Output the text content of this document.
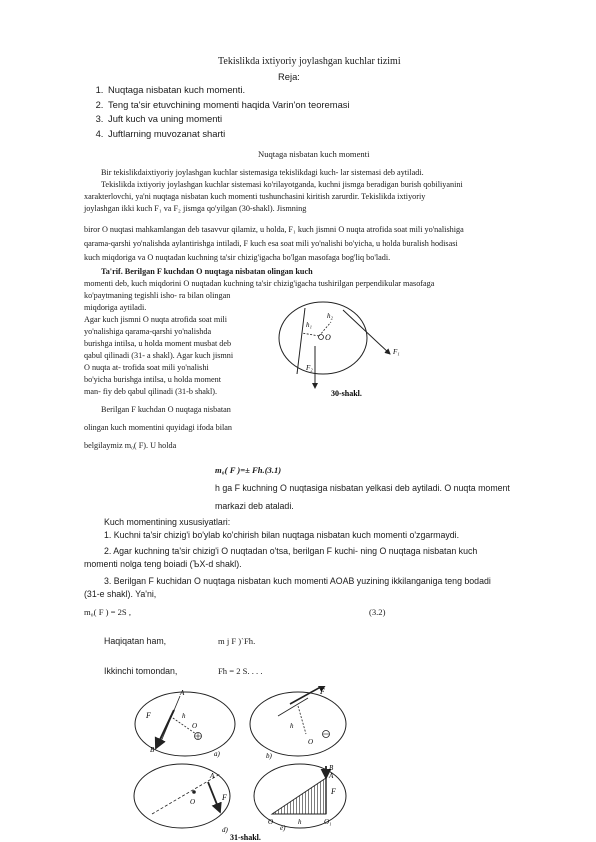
Tekislikda ixtiyoriy joylashgan kuchlar tizimi
Reja:
1. Nuqtaga nisbatan kuch momenti.
2. Teng ta'sir etuvchining momenti haqida Varin'on teoremasi
3. Juft kuch va uning momenti
4. Juftlarning muvozanat sharti
Nuqtaga nisbatan kuch momenti
Bir tekislikdaixtiyoriy joylashgan kuchlar sistemasiga tekislikdagi kuch- lar sistemasi deb aytiladi.
Tekislikda ixtiyoriy joylashgan kuchlar sistemasi ko'rilayotganda, kuchni jismga beradigan burish qobiliyanini
xarakterlovchi, ya'ni nuqtaga nisbatan kuch momenti tushunchasini kiritish zarurdir. Tekislikda ixtiyoriy
joylashgan ikki kuch F₁ va F₂ jismga qo'yilgan (30-shakl). Jismning
biror O nuqtasi mahkamlangan deb tasavvur qilamiz, u holda, F₁ kuch jismni O nuqta atrofida soat mili yo'nalishiga
qarama-qarshi yo'nalishda aylantirishga intiladi, F kuch esa soat mili yo'nalishi bo'yicha, u holda buralish hodisasi
kuch miqdoriga va O nuqtadan kuchning ta'sir chizig'igacha bo'lgan masofaga bog'liq bo'ladi.
Ta'rif. Berilgan F kuchdan O nuqtaga nisbatan olingan kuch
momenti deb, kuch miqdorini O nuqtadan kuchning ta'sir chizig'igacha tushirilgan perpendikular masofaga
ko'paytmaning tegishli isho- ra bilan olingan
miqdoriga aytiladi.
Agar kuch jismni O nuqta atrofida soat mili
yo'nalishiga qarama-qarshi yo'nalishda
burishga intilsa, u holda moment musbat deb
qabul qilinadi (31- a shakl). Agar kuch jismni
O nuqta at- trofida soat mili yo'nalishi
bo'yicha burishga intilsa, u holda moment
man- fiy deb qabul qilinadi (31-b shakl).
Berilgan F kuchdan O nuqtaga nisbatan
olingan kuch momentini quyidagi ifoda bilan
belgilaymiz m₀( F). U holda
h₁
h₂
O
F₁
F₂
30-shakl.
m₀( F )=± Fh.(3.1)
h ga F kuchning O nuqtasiga nisbatan yelkasi deb aytiladi. O nuqta moment
markazi deb ataladi.
Kuch momentining xususiyatlari:
1. Kuchni ta'sir chizig'i bo'ylab ko'chirish bilan nuqtaga nisbatan kuch momenti o'zgarmaydi.
2. Agar kuchning ta'sir chizig'i O nuqtadan o'tsa, berilgan F kuchi- ning O nuqtaga nisbatan kuch
momenti nolga teng boiadi (ЪX-d shakl).
3. Berilgan F kuchidan O nuqtaga nisbatan kuch momenti AOAB yuzining ikkilanganiga teng bodadi
(31-e shakl). Ya'ni,
m₀( F ) = 2S ,	(3.2)
Haqiqatan ham,	m j F )`Fh.
Ikkinchi tomondan,	Fh = 2 S. . . .
A
F	h
B
O
a)
F
h
O
b)
A
F
O
d)
A
B
F
O	h	O₁
e)
31-shakl.
